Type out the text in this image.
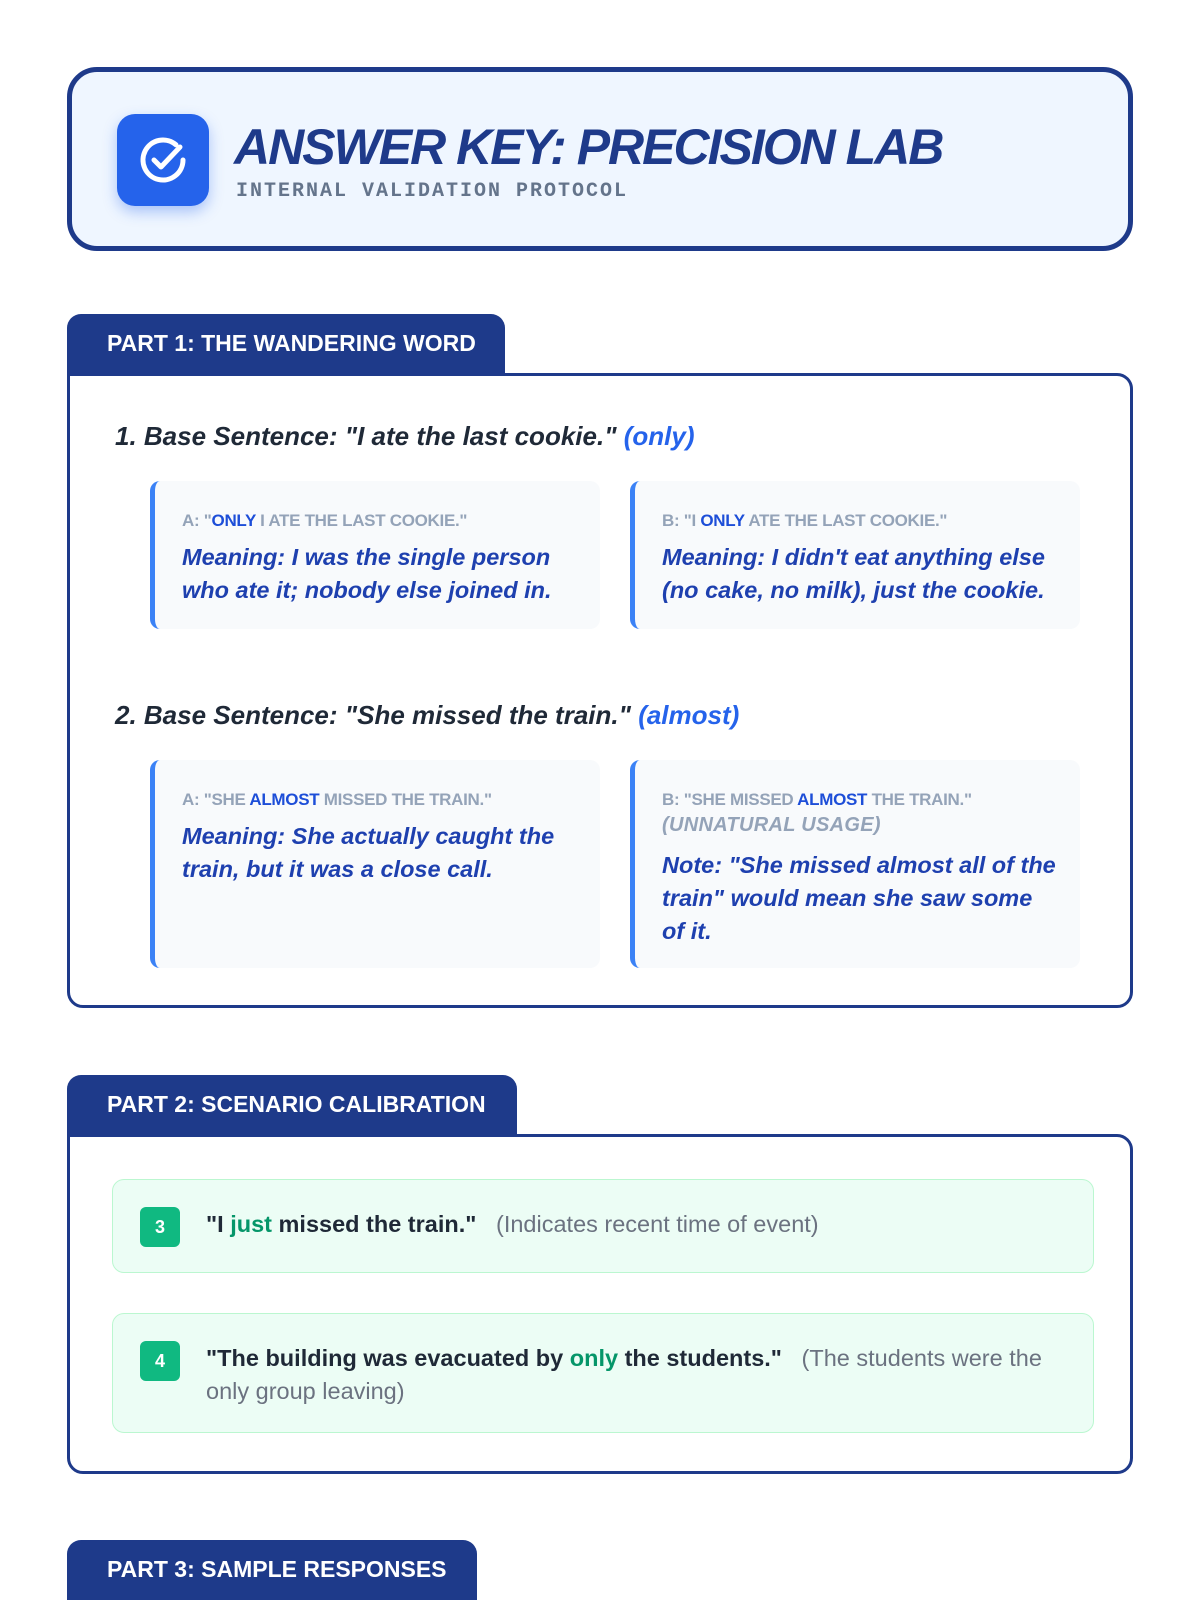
ANSWER KEY: PRECISION LAB
INTERNAL VALIDATION PROTOCOL
PART 1: THE WANDERING WORD
1. Base Sentence: "I ate the last cookie." (only)
A: "ONLY I ATE THE LAST COOKIE."
Meaning: I was the single person who ate it; nobody else joined in.
B: "I ONLY ATE THE LAST COOKIE."
Meaning: I didn't eat anything else (no cake, no milk), just the cookie.
2. Base Sentence: "She missed the train." (almost)
A: "SHE ALMOST MISSED THE TRAIN."
Meaning: She actually caught the train, but it was a close call.
B: "SHE MISSED ALMOST THE TRAIN."
(UNNATURAL USAGE)
Note: "She missed almost all of the train" would mean she saw some of it.
PART 2: SCENARIO CALIBRATION
3	"I just missed the train." (Indicates recent time of event)
4	"The building was evacuated by only the students." (The students were the only group leaving)
PART 3: SAMPLE RESPONSES
